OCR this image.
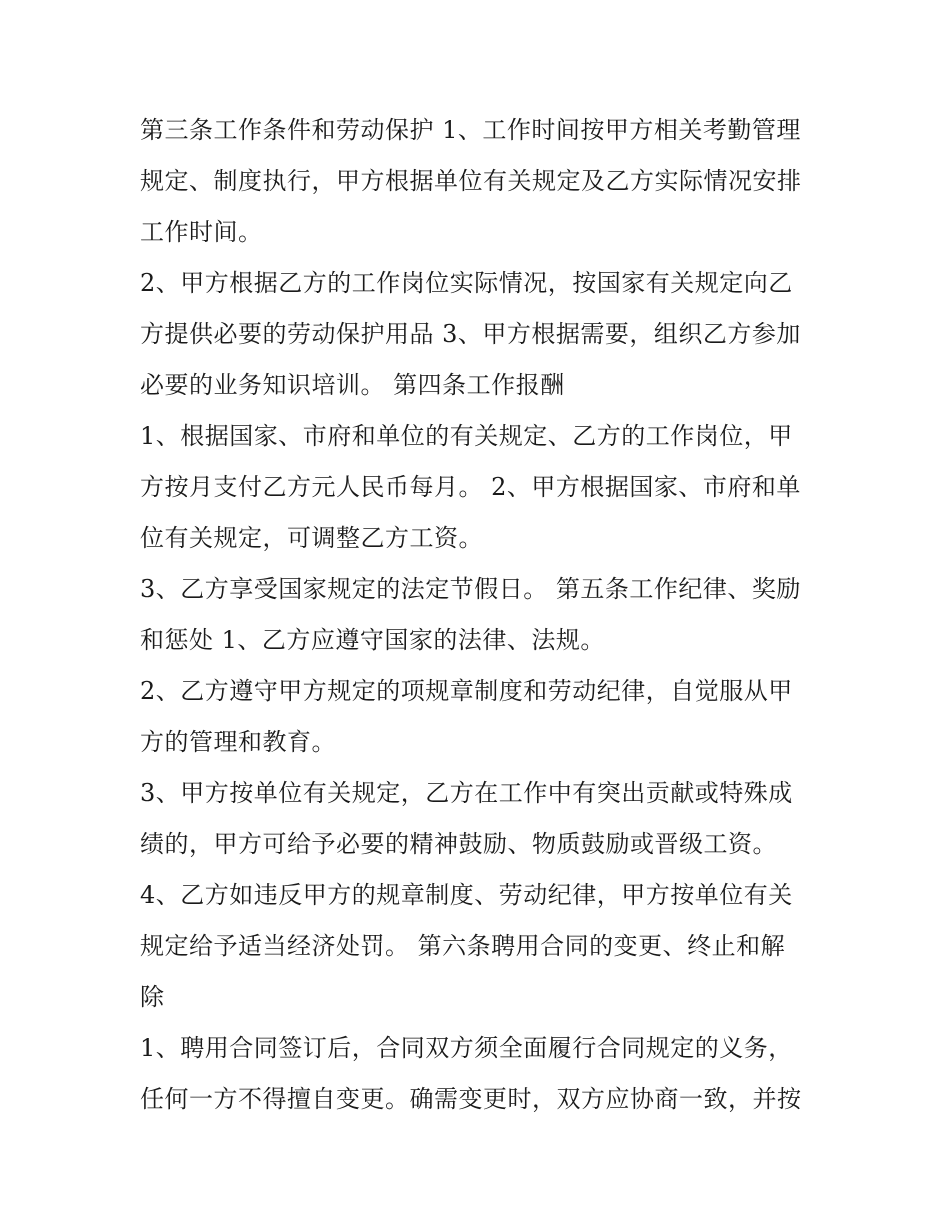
第三条工作条件和劳动保护 1、工作时间按甲方相关考勤管理
规定、制度执行，甲方根据单位有关规定及乙方实际情况安排
工作时间。
2、甲方根据乙方的工作岗位实际情况，按国家有关规定向乙
方提供必要的劳动保护用品 3、甲方根据需要，组织乙方参加
必要的业务知识培训。 第四条工作报酬
1、根据国家、市府和单位的有关规定、乙方的工作岗位，甲
方按月支付乙方元人民币每月。 2、甲方根据国家、市府和单
位有关规定，可调整乙方工资。
3、乙方享受国家规定的法定节假日。 第五条工作纪律、奖励
和惩处 1、乙方应遵守国家的法律、法规。
2、乙方遵守甲方规定的项规章制度和劳动纪律，自觉服从甲
方的管理和教育。
3、甲方按单位有关规定，乙方在工作中有突出贡献或特殊成
绩的，甲方可给予必要的精神鼓励、物质鼓励或晋级工资。
4、乙方如违反甲方的规章制度、劳动纪律，甲方按单位有关
规定给予适当经济处罚。 第六条聘用合同的变更、终止和解
除
1、聘用合同签订后，合同双方须全面履行合同规定的义务，
任何一方不得擅自变更。确需变更时，双方应协商一致，并按
